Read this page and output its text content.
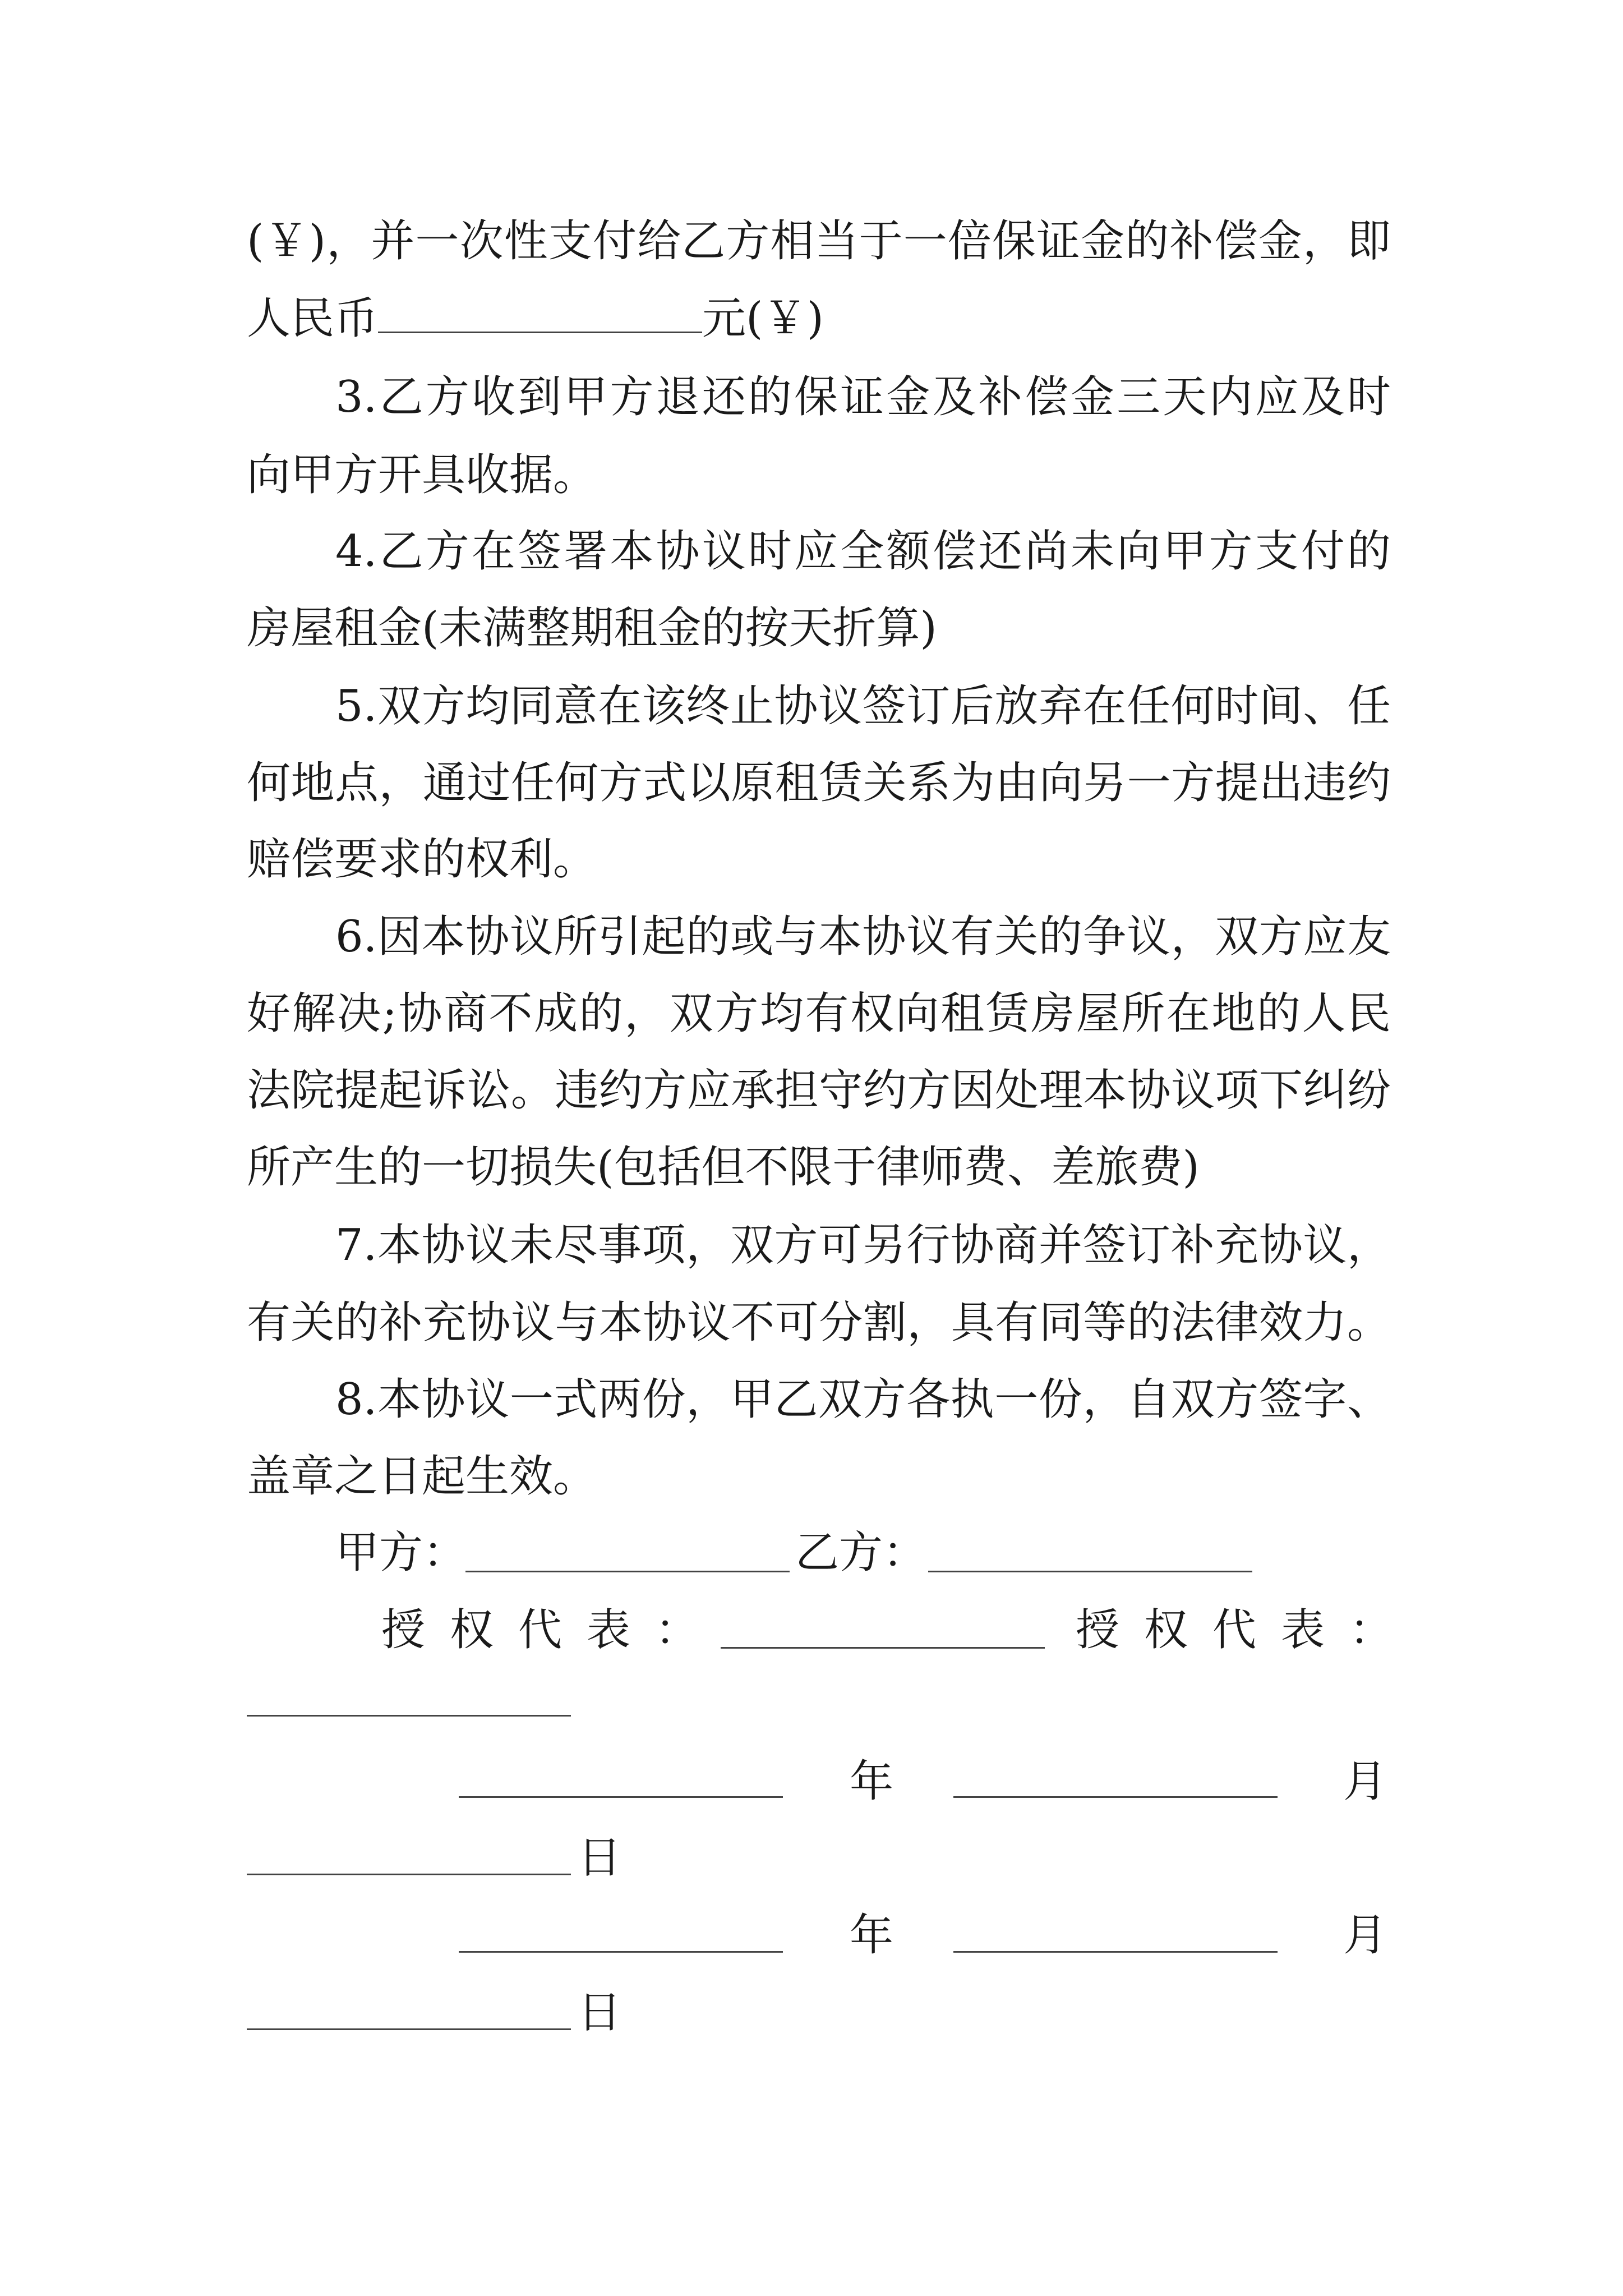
(￥)，并一次性支付给乙方相当于一倍保证金的补偿金，即
人民币	元(￥)
3.乙方收到甲方退还的保证金及补偿金三天内应及时
向甲方开具收据。
4.乙方在签署本协议时应全额偿还尚未向甲方支付的
房屋租金(未满整期租金的按天折算)
5.双方均同意在该终止协议签订后放弃在任何时间、任
何地点，通过任何方式以原租赁关系为由向另一方提出违约
赔偿要求的权利。
6.因本协议所引起的或与本协议有关的争议，双方应友
好解决;协商不成的，双方均有权向租赁房屋所在地的人民
法院提起诉讼。违约方应承担守约方因处理本协议项下纠纷
所产生的一切损失(包括但不限于律师费、差旅费)
7.本协议未尽事项，双方可另行协商并签订补充协议，
有关的补充协议与本协议不可分割，具有同等的法律效力。
8.本协议一式两份，甲乙双方各执一份，自双方签字、
盖章之日起生效。
甲方：	乙方：
授权代表：	授权代表：
年	月
日
年	月
日
